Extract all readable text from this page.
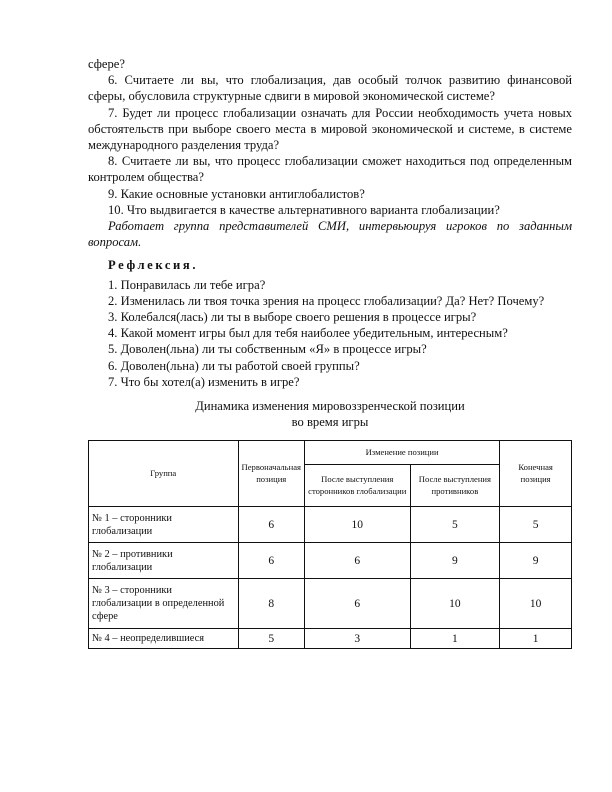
сфере?

6. Считаете ли вы, что глобализация, дав особый толчок развитию финансовой сферы, обусловила структурные сдвиги в мировой экономической системе?

7. Будет ли процесс глобализации означать для России необходимость учета новых обстоятельств при выборе своего места в мировой экономической и системе, в системе международного разделения труда?

8. Считаете ли вы, что процесс глобализации сможет находиться под определенным контролем общества?

9. Какие основные установки антиглобалистов?

10. Что выдвигается в качестве альтернативного варианта глобализации?

Работает группа представителей СМИ, интервьюируя игроков по заданным вопросам.

Рефлексия.

1. Понравилась ли тебе игра?

2. Изменилась ли твоя точка зрения на процесс глобализации? Да? Нет? Почему?

3. Колебался(лась) ли ты в выборе своего решения в процессе игры?

4. Какой момент игры был для тебя наиболее убедительным, интересным?

5. Доволен(льна) ли ты собственным «Я» в процессе игры?

6. Доволен(льна) ли ты работой своей группы?

7. Что бы хотел(а) изменить в игре?

Динамика изменения мировоззренческой позиции
во время игры
Группа	Первоначальная позиция	Изменение позиции		Конечная позиция
		После выступления сторонников глобализации	После выступления противников	
№ 1 – сторонники глобализации	6	10	5	5
№ 2 – противники глобализации	6	6	9	9
№ 3 – сторонники глобализации в определенной сфере	8	6	10	10
№ 4 – неопределившиеся	5	3	1	1
